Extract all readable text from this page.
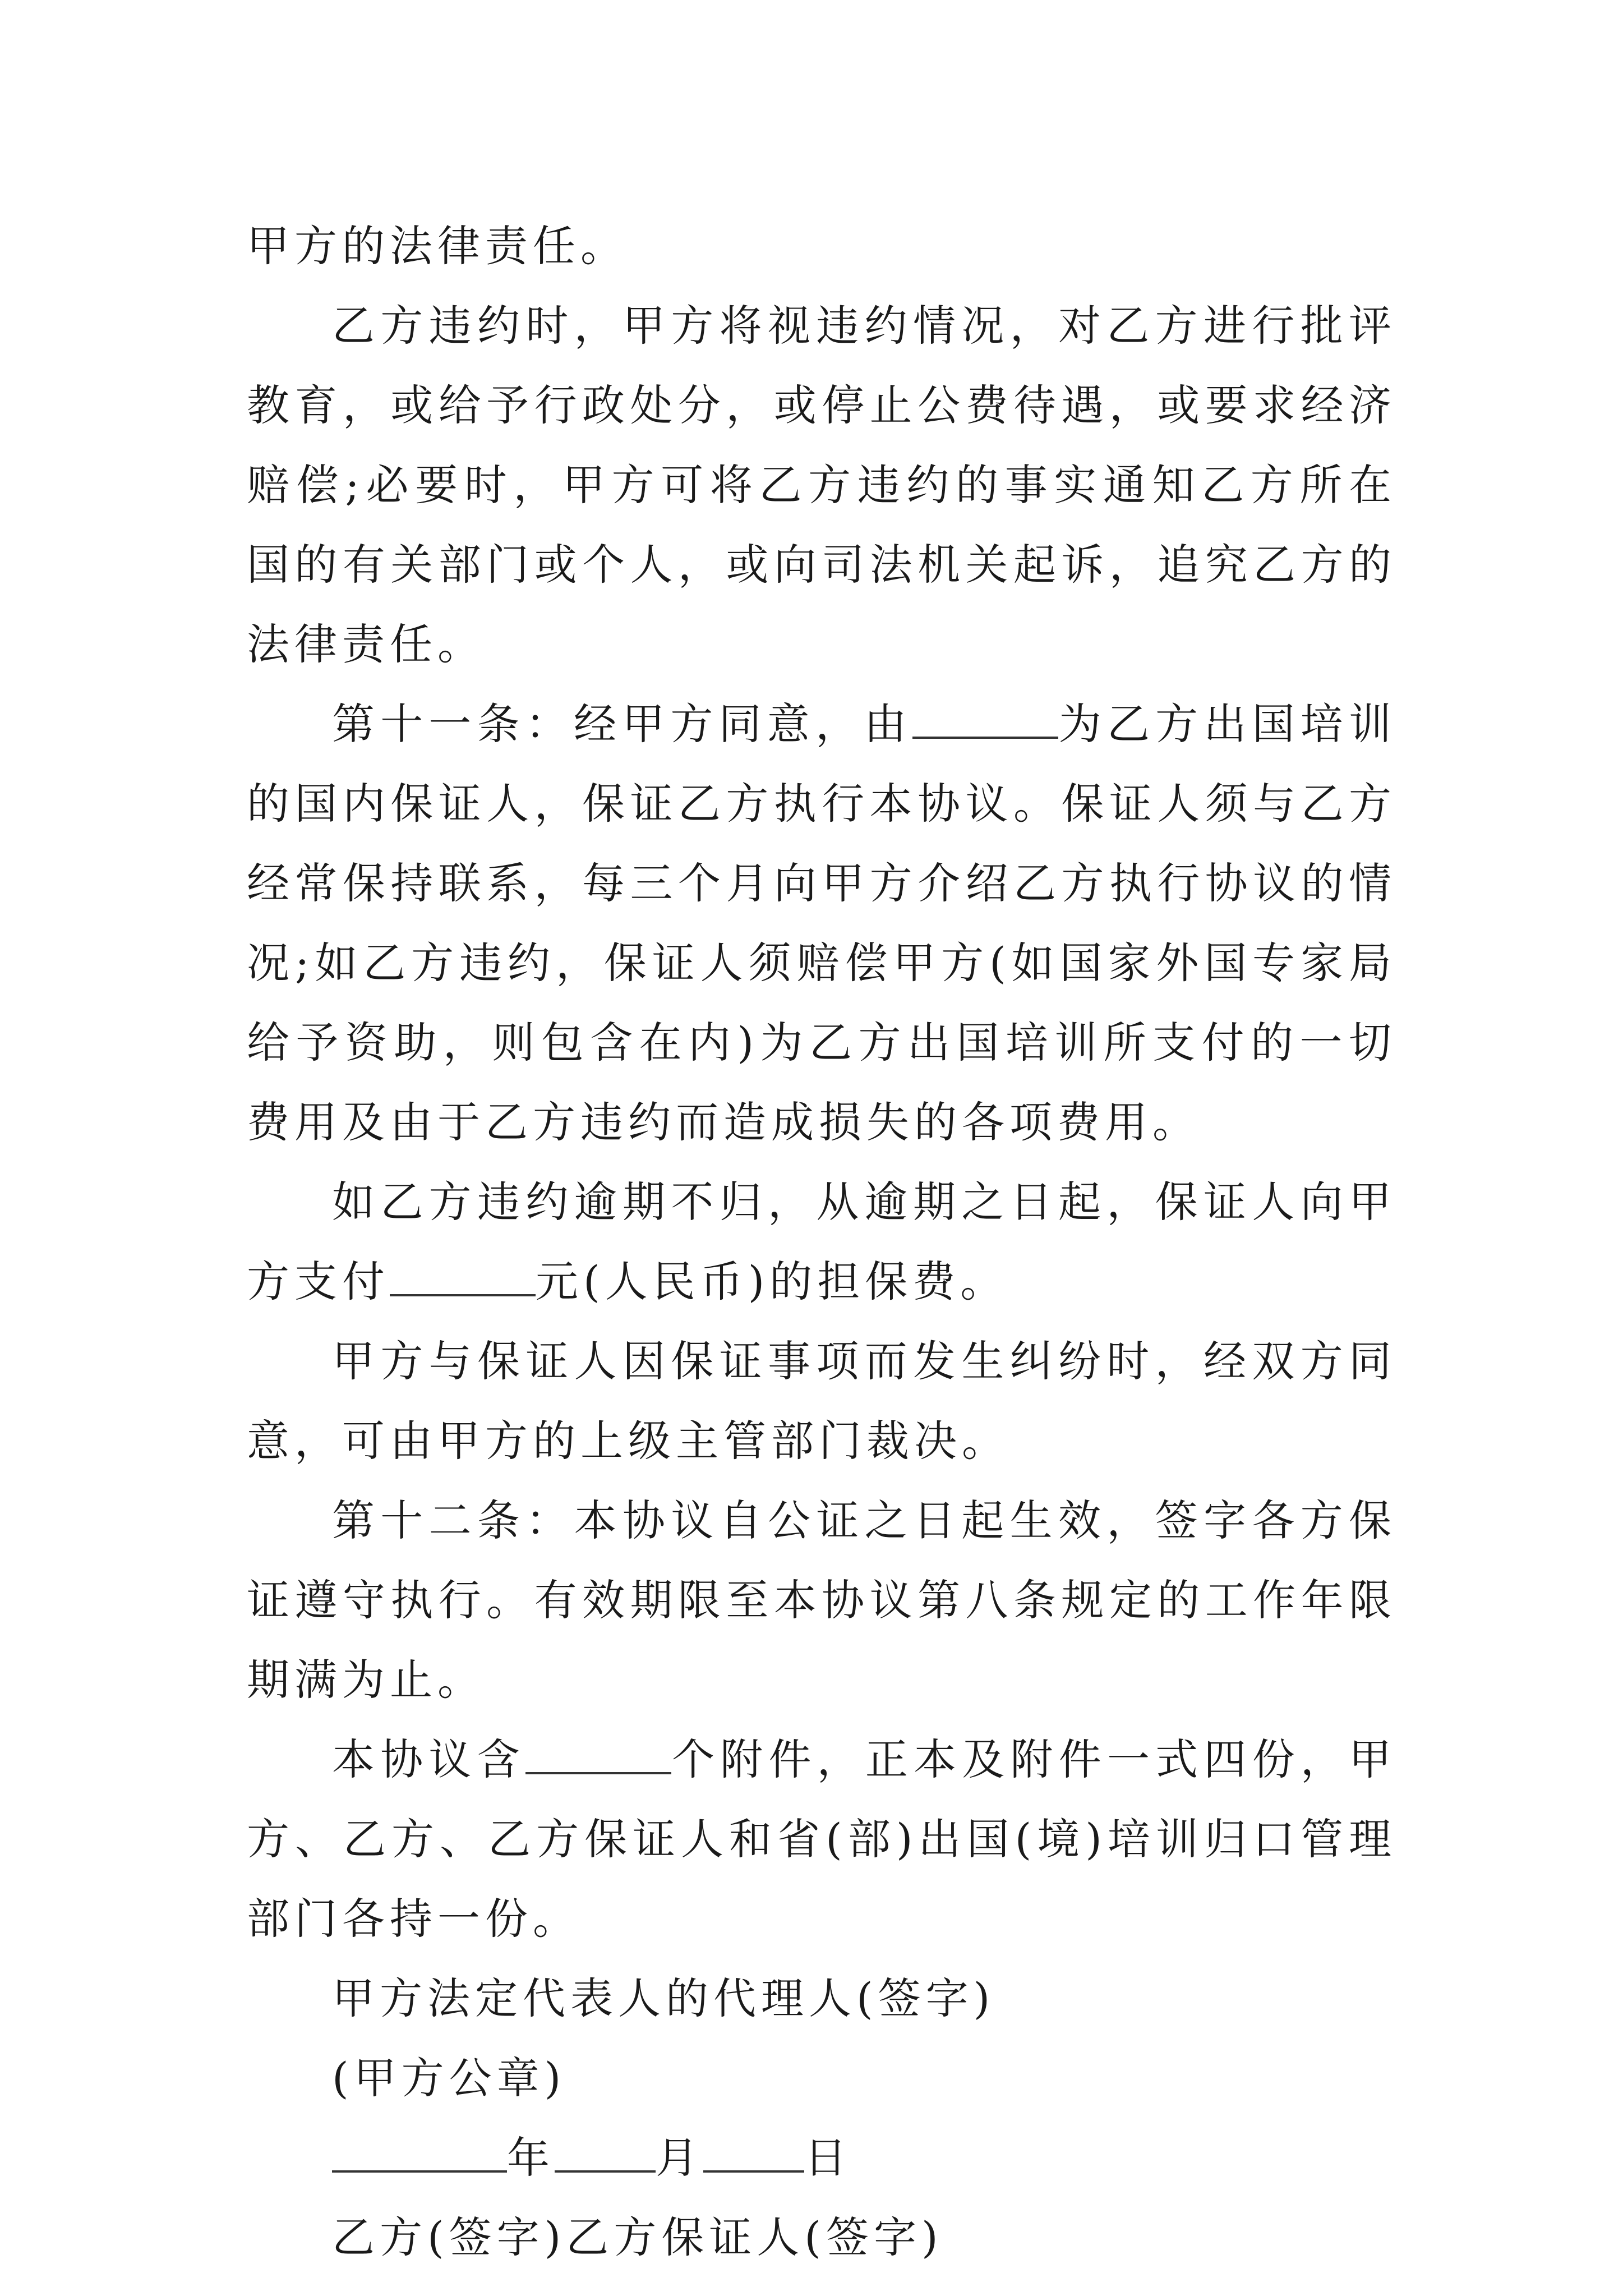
甲方的法律责任。

乙方违约时，甲方将视违约情况，对乙方进行批评教育，或给予行政处分，或停止公费待遇，或要求经济赔偿;必要时，甲方可将乙方违约的事实通知乙方所在国的有关部门或个人，或向司法机关起诉，追究乙方的法律责任。

第十一条：经甲方同意，由	为乙方出国培训的国内保证人，保证乙方执行本协议。保证人须与乙方经常保持联系，每三个月向甲方介绍乙方执行协议的情况;如乙方违约，保证人须赔偿甲方(如国家外国专家局给予资助，则包含在内)为乙方出国培训所支付的一切费用及由于乙方违约而造成损失的各项费用。

如乙方违约逾期不归，从逾期之日起，保证人向甲方支付	元(人民币)的担保费。

甲方与保证人因保证事项而发生纠纷时，经双方同意，可由甲方的上级主管部门裁决。

第十二条：本协议自公证之日起生效，签字各方保证遵守执行。有效期限至本协议第八条规定的工作年限期满为止。

本协议含	个附件，正本及附件一式四份，甲方、乙方、乙方保证人和省(部)出国(境)培训归口管理部门各持一份。

甲方法定代表人的代理人(签字)

(甲方公章)

年 月 日

乙方(签字)乙方保证人(签字)
